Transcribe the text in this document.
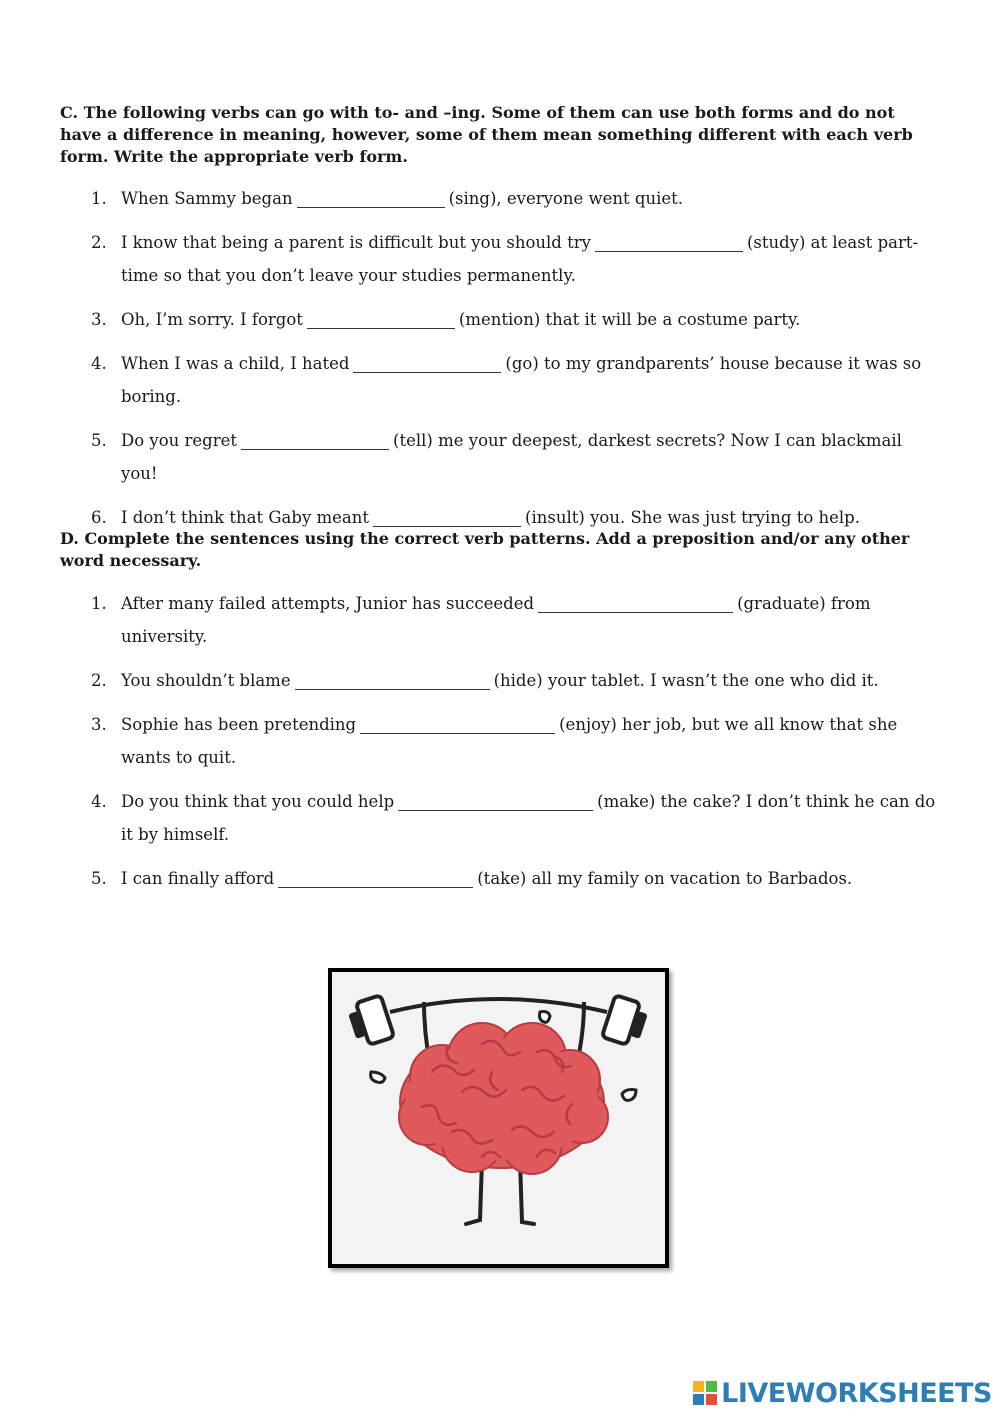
C. The following verbs can go with to- and –ing. Some of them can use both forms and do not have a difference in meaning, however, some of them mean something different with each verb form. Write the appropriate verb form.

1. When Sammy began	(sing), everyone went quiet.
2. I know that being a parent is difficult but you should try	(study) at least part-time so that you don’t leave your studies permanently.
3. Oh, I’m sorry. I forgot	(mention) that it will be a costume party.
4. When I was a child, I hated	(go) to my grandparents’ house because it was so boring.
5. Do you regret	(tell) me your deepest, darkest secrets? Now I can blackmail you!
6. I don’t think that Gaby meant	(insult) you. She was just trying to help.

D. Complete the sentences using the correct verb patterns. Add a preposition and/or any other word necessary.

1. After many failed attempts, Junior has succeeded	(graduate) from university.
2. You shouldn’t blame	(hide) your tablet. I wasn’t the one who did it.
3. Sophie has been pretending	(enjoy) her job, but we all know that she wants to quit.
4. Do you think that you could help	(make) the cake? I don’t think he can do it by himself.
5. I can finally afford	(take) all my family on vacation to Barbados.
LIVEWORKSHEETS
